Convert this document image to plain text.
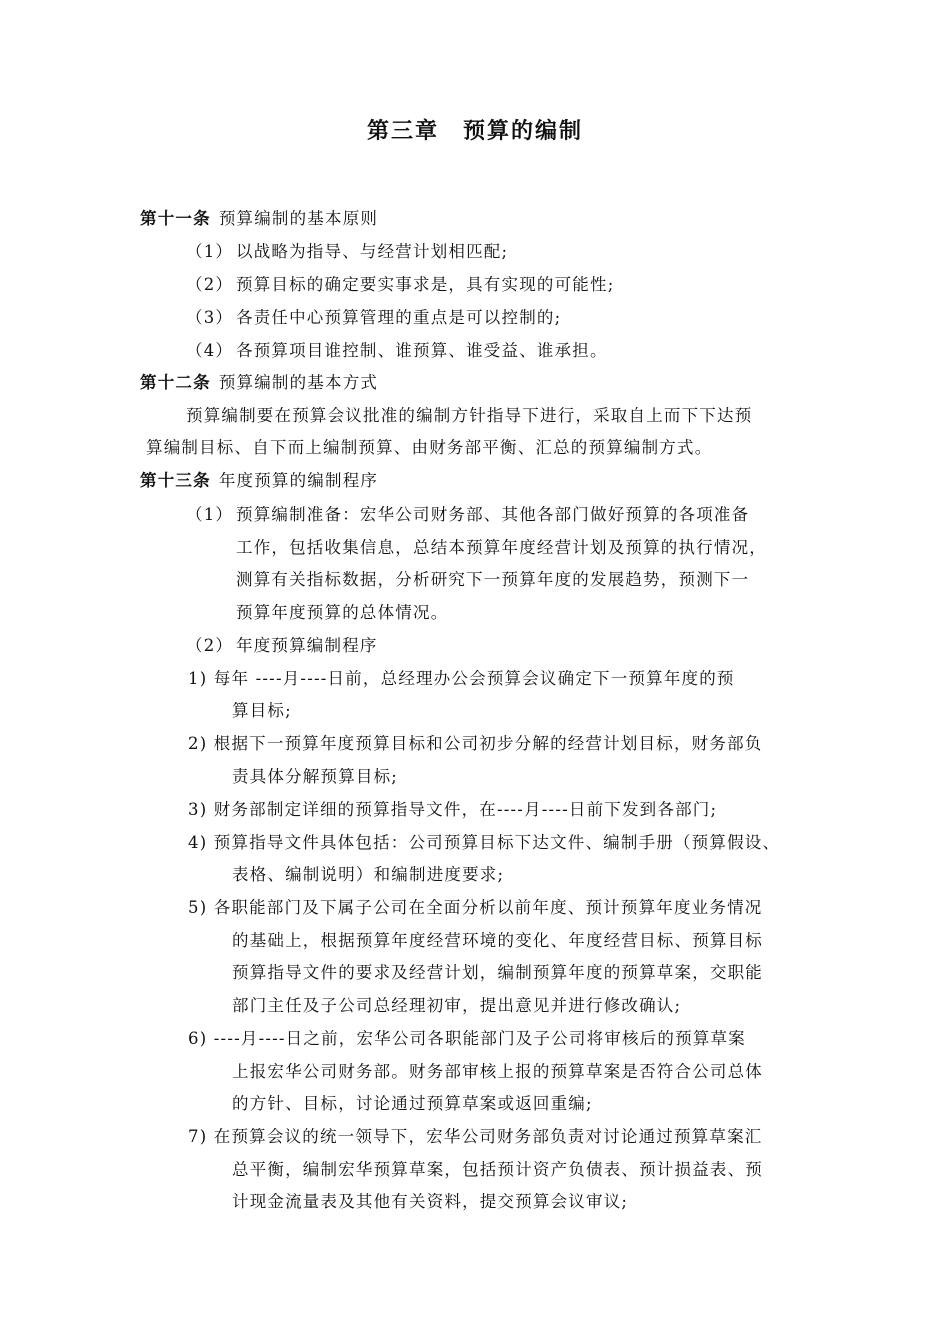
第三章　预算的编制
第十一条 预算编制的基本原则
（1） 以战略为指导、与经营计划相匹配;
（2） 预算目标的确定要实事求是，具有实现的可能性;
（3） 各责任中心预算管理的重点是可以控制的;
（4） 各预算项目谁控制、谁预算、谁受益、谁承担。
第十二条 预算编制的基本方式
预算编制要在预算会议批准的编制方针指导下进行，采取自上而下下达预
算编制目标、自下而上编制预算、由财务部平衡、汇总的预算编制方式。
第十三条 年度预算的编制程序
（1） 预算编制准备：宏华公司财务部、其他各部门做好预算的各项准备
工作，包括收集信息，总结本预算年度经营计划及预算的执行情况，
测算有关指标数据，分析研究下一预算年度的发展趋势，预测下一
预算年度预算的总体情况。
（2） 年度预算编制程序
1) 每年 ----月----日前，总经理办公会预算会议确定下一预算年度的预
算目标;
2) 根据下一预算年度预算目标和公司初步分解的经营计划目标，财务部负
责具体分解预算目标;
3) 财务部制定详细的预算指导文件，在----月----日前下发到各部门;
4) 预算指导文件具体包括：公司预算目标下达文件、编制手册（预算假设、
表格、编制说明）和编制进度要求;
5) 各职能部门及下属子公司在全面分析以前年度、预计预算年度业务情况
的基础上，根据预算年度经营环境的变化、年度经营目标、预算目标
预算指导文件的要求及经营计划，编制预算年度的预算草案，交职能
部门主任及子公司总经理初审，提出意见并进行修改确认;
6) ----月----日之前，宏华公司各职能部门及子公司将审核后的预算草案
上报宏华公司财务部。财务部审核上报的预算草案是否符合公司总体
的方针、目标，讨论通过预算草案或返回重编;
7) 在预算会议的统一领导下，宏华公司财务部负责对讨论通过预算草案汇
总平衡，编制宏华预算草案，包括预计资产负债表、预计损益表、预
计现金流量表及其他有关资料，提交预算会议审议;
